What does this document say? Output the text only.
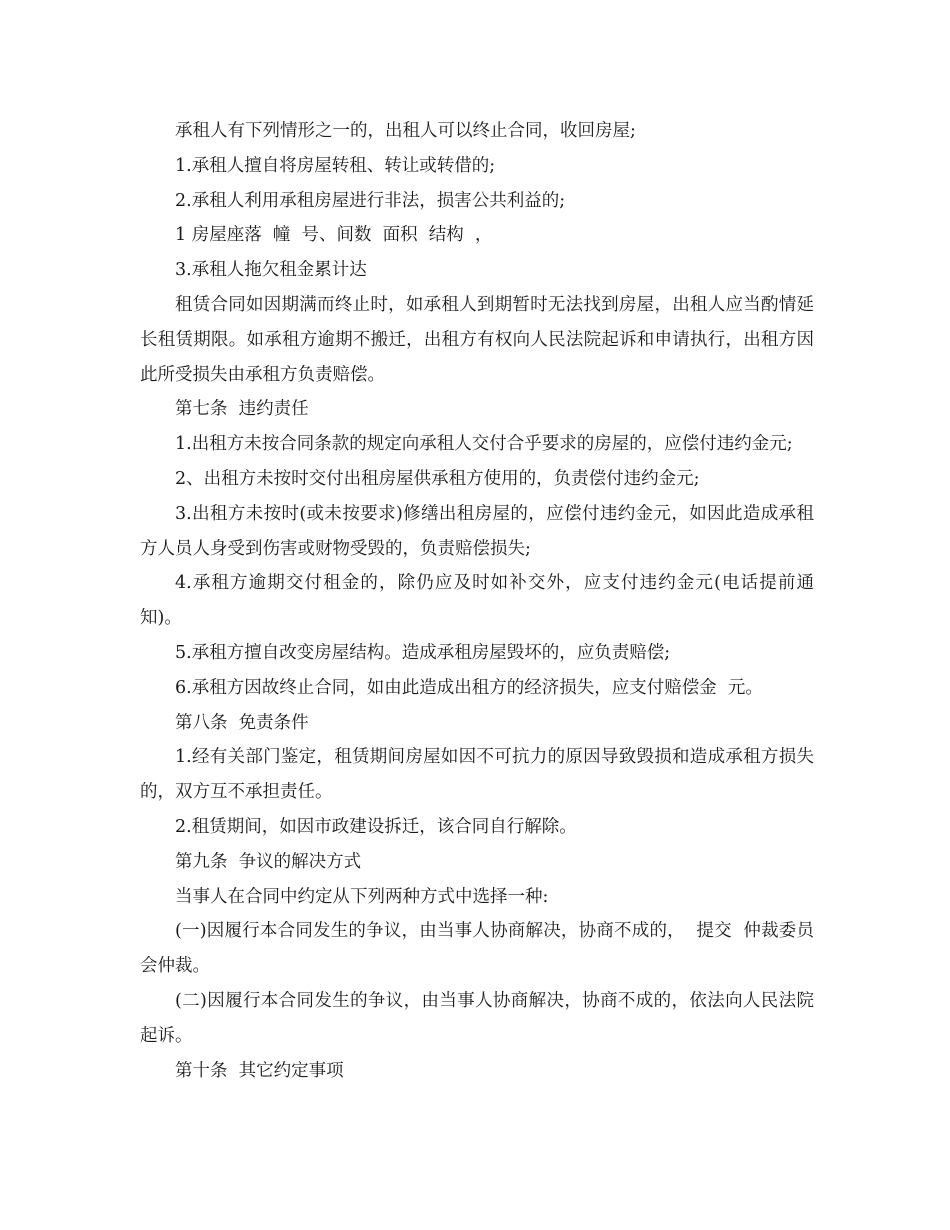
承租人有下列情形之一的，出租人可以终止合同，收回房屋;

1.承租人擅自将房屋转租、转让或转借的;

2.承租人利用承租房屋进行非法，损害公共利益的;

1 房屋座落  幢  号、间数  面积  结构  ，

3.承租人拖欠租金累计达

租赁合同如因期满而终止时，如承租人到期暂时无法找到房屋，出租人应当酌情延长租赁期限。如承租方逾期不搬迁，出租方有权向人民法院起诉和申请执行，出租方因此所受损失由承租方负责赔偿。

第七条  违约责任

1.出租方未按合同条款的规定向承租人交付合乎要求的房屋的，应偿付违约金元;

2、出租方未按时交付出租房屋供承租方使用的，负责偿付违约金元;

3.出租方未按时(或未按要求)修缮出租房屋的，应偿付违约金元，如因此造成承租方人员人身受到伤害或财物受毁的，负责赔偿损失;

4.承租方逾期交付租金的，除仍应及时如补交外，应支付违约金元(电话提前通知)。

5.承租方擅自改变房屋结构。造成承租房屋毁坏的，应负责赔偿;

6.承租方因故终止合同，如由此造成出租方的经济损失，应支付赔偿金  元。

第八条  免责条件

1.经有关部门鉴定，租赁期间房屋如因不可抗力的原因导致毁损和造成承租方损失的，双方互不承担责任。

2.租赁期间，如因市政建设拆迁，该合同自行解除。

第九条  争议的解决方式

当事人在合同中约定从下列两种方式中选择一种:

(一)因履行本合同发生的争议，由当事人协商解决，协商不成的，  提交  仲裁委员会仲裁。

(二)因履行本合同发生的争议，由当事人协商解决，协商不成的，依法向人民法院起诉。

第十条  其它约定事项
